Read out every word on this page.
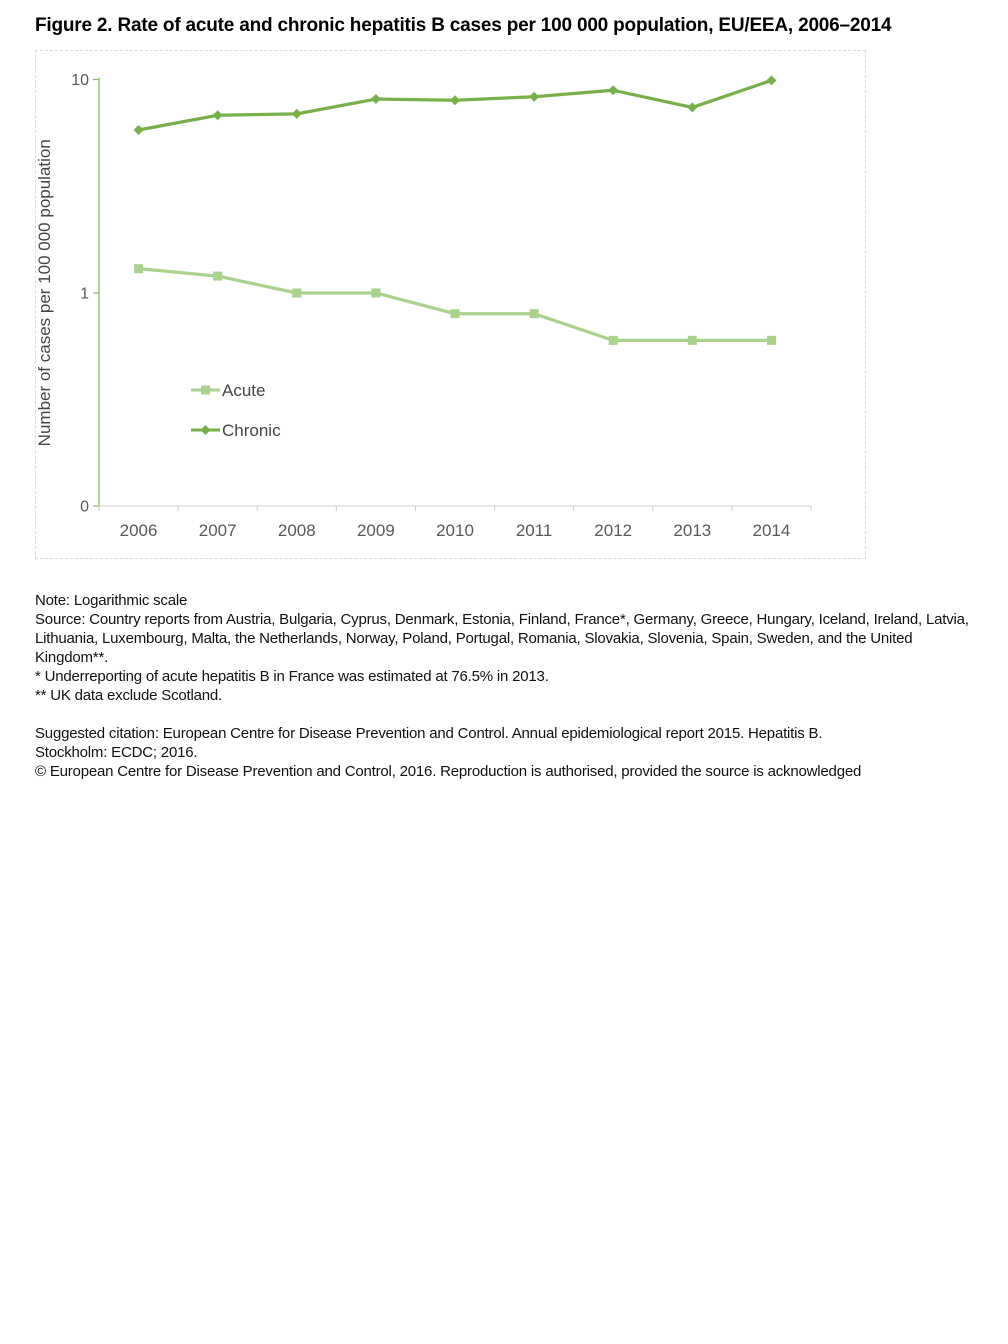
Figure 2. Rate of acute and chronic hepatitis B cases per 100 000 population, EU/EEA, 2006–2014
10
1
0
2006 2007 2008 2009 2010 2011 2012 2013 2014
Number of cases per 100 000 population	Acute
Chronic
Note: Logarithmic scale
Source: Country reports from Austria, Bulgaria, Cyprus, Denmark, Estonia, Finland, France*, Germany, Greece, Hungary, Iceland, Ireland, Latvia, Lithuania, Luxembourg, Malta, the Netherlands, Norway, Poland, Portugal, Romania, Slovakia, Slovenia, Spain, Sweden, and the United Kingdom**.
* Underreporting of acute hepatitis B in France was estimated at 76.5% in 2013.
** UK data exclude Scotland.
Suggested citation: European Centre for Disease Prevention and Control. Annual epidemiological report 2015. Hepatitis B.
Stockholm: ECDC; 2016.
© European Centre for Disease Prevention and Control, 2016. Reproduction is authorised, provided the source is acknowledged
